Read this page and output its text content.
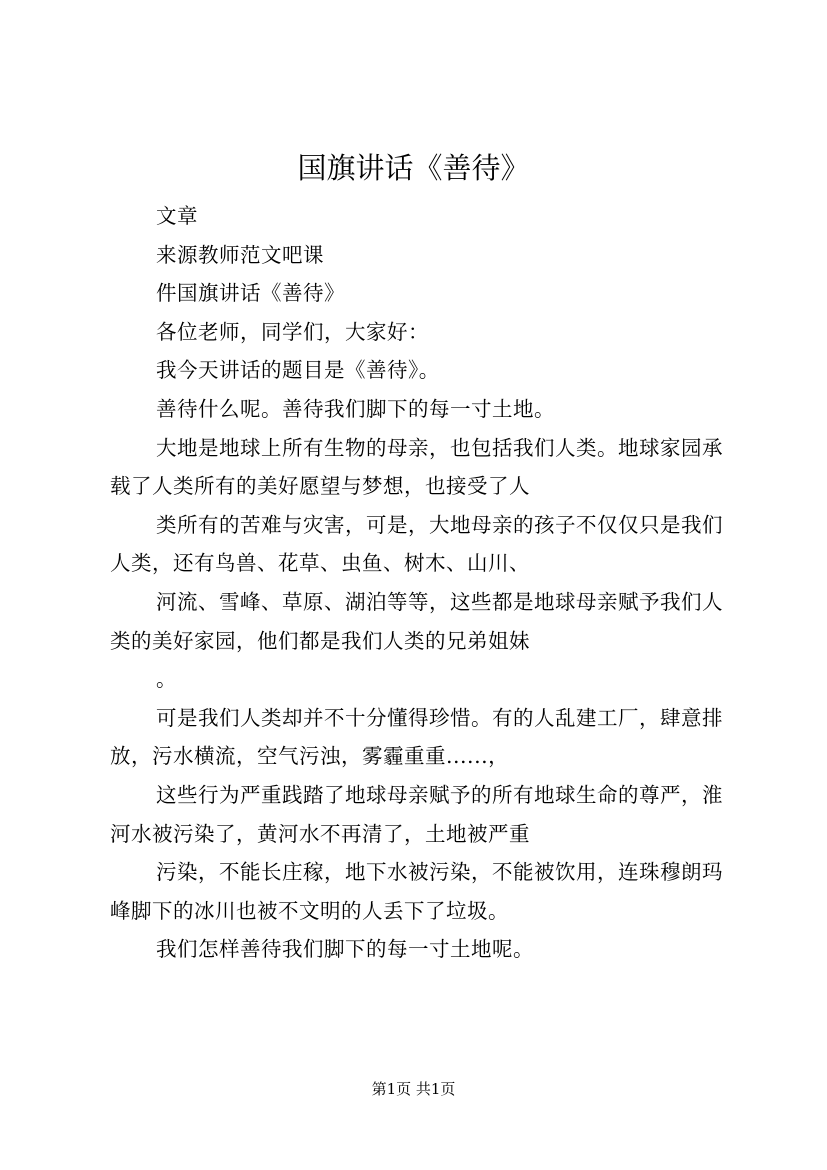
国旗讲话《善待》

文章

来源教师范文吧课

件国旗讲话《善待》

各位老师，同学们，大家好：

我今天讲话的题目是《善待》。

善待什么呢。善待我们脚下的每一寸土地。

大地是地球上所有生物的母亲，也包括我们人类。地球家园承载了人类所有的美好愿望与梦想，也接受了人

类所有的苦难与灾害，可是，大地母亲的孩子不仅仅只是我们人类，还有鸟兽、花草、虫鱼、树木、山川、

河流、雪峰、草原、湖泊等等，这些都是地球母亲赋予我们人类的美好家园，他们都是我们人类的兄弟姐妹

。

可是我们人类却并不十分懂得珍惜。有的人乱建工厂，肆意排放，污水横流，空气污浊，雾霾重重......，

这些行为严重践踏了地球母亲赋予的所有地球生命的尊严，淮河水被污染了，黄河水不再清了，土地被严重

污染，不能长庄稼，地下水被污染，不能被饮用，连珠穆朗玛峰脚下的冰川也被不文明的人丢下了垃圾。

我们怎样善待我们脚下的每一寸土地呢。

第1页 共1页
